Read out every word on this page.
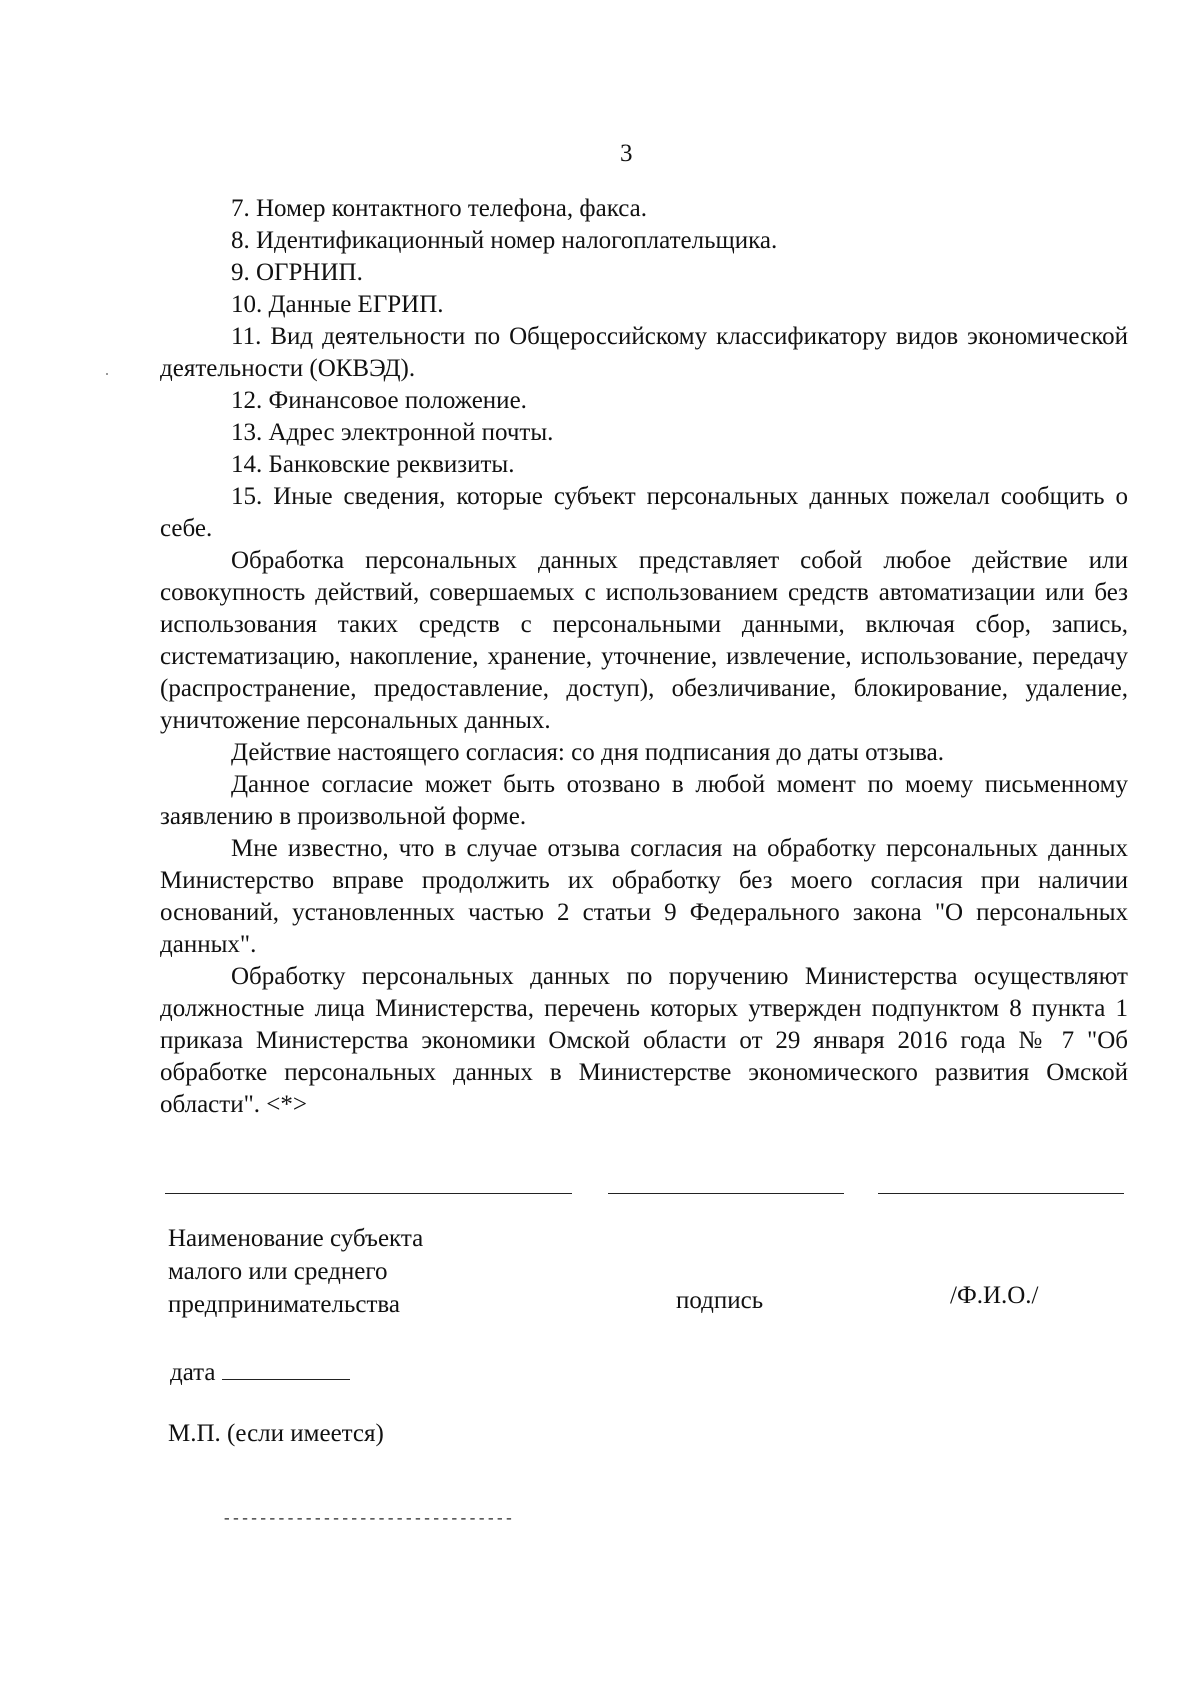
3

7. Номер контактного телефона, факса.

8. Идентификационный номер налогоплательщика.

9. ОГРНИП.

10. Данные ЕГРИП.

11. Вид деятельности по Общероссийскому классификатору видов экономической деятельности (ОКВЭД).

12. Финансовое положение.

13. Адрес электронной почты.

14. Банковские реквизиты.

15. Иные сведения, которые субъект персональных данных пожелал сообщить о себе.

Обработка персональных данных представляет собой любое действие или совокупность действий, совершаемых с использованием средств автоматизации или без использования таких средств с персональными данными, включая сбор, запись, систематизацию, накопление, хранение, уточнение, извлечение, использование, передачу (распространение, предоставление, доступ), обезличивание, блокирование, удаление, уничтожение персональных данных.

Действие настоящего согласия: со дня подписания до даты отзыва.

Данное согласие может быть отозвано в любой момент по моему письменному заявлению в произвольной форме.

Мне известно, что в случае отзыва согласия на обработку персональных данных Министерство вправе продолжить их обработку без моего согласия при наличии оснований, установленных частью 2 статьи 9 Федерального закона "О персональных данных".

Обработку персональных данных по поручению Министерства осуществляют должностные лица Министерства, перечень которых утвержден подпунктом 8 пункта 1 приказа Министерства экономики Омской области от 29 января 2016 года № 7 "Об обработке персональных данных в Министерстве экономического развития Омской области". <*>

Наименование субъекта
малого или среднего
предпринимательства	подпись	/Ф.И.О./
дата
М.П. (если имеется)
--------------------------------
